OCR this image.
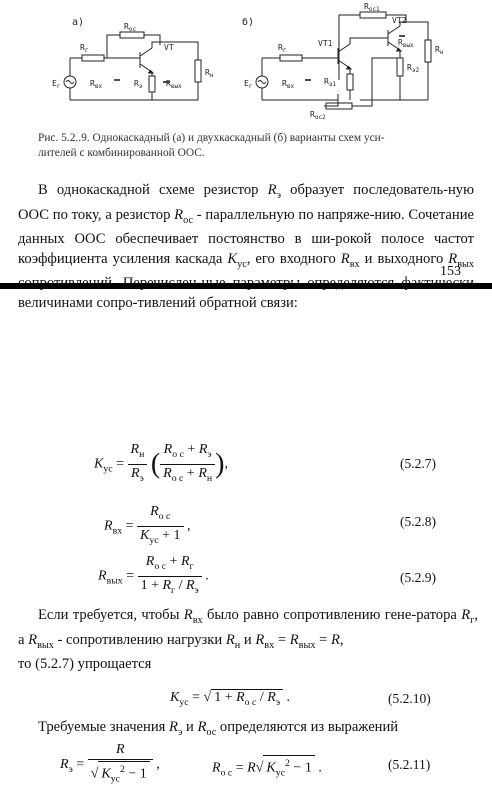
а)	$R_{ос}$
VT
$R_н$
$R_г$
$E_г$	$R_{вх}$	$R_э$	$R_{вых}$
б)
$R_{ос1}$
VT2
$R_н$
$R_{вых}$
VT1
$R_г$
$E_г$	$R_{вх}$
$R_{э1}$
$R_{э2}$
$R_{ос2}$
Рис. 5.2..9. Однокаскадный (а) и двухкаскадный (б) варианты схем уси-
лителей с комбинированной ООС.

В однокаскадной схеме резистор $R_э$ образует последователь-ную ООС по току, а резистор $R_{ос}$ - параллельную по напряже-нию. Сочетание данных ООС обеспечивает постоянство в ши-рокой полосе частот коэффициента усиления каскада $K_{ус}$, его входного $R_{вх}$ и выходного $R_{вых}$ величинами сопро-тивлений обратной связи:

153
$K_{ус} = \frac{R_н}{R_э}$ ( $\frac{R_{о с} + R_э}{R_{о с} + R_н}$ ),	(5.2.7)
$R_{вх} = \frac{R_{о с}}{K_{ус} + 1}$ ,	(5.2.8)
$R_{вых} = \frac{R_{о с} + R_г}{1 + R_г / R_э}$ .	(5.2.9)

Если требуется, чтобы $R_{вх}$ было равно сопротивлению гене-ратора $R_г$, а $R_{вых}$ - сопротивлению нагрузки $R_н$ и $R_{вх} = R_{вых} = R$,

то (5.2.7) упрощается

$K_{ус}$ = √ $1 + R_{о с} / R_э$ .	(5.2.10)

Требуемые значения $R_э$ и $R_{ос}$ определяются из выражений

$R_э = \frac{R}{√ K_{ус}^2 - 1}$ ,	$R_{о с} = R√$ $K_{ус}^2 - 1$ .	(5.2.11)
